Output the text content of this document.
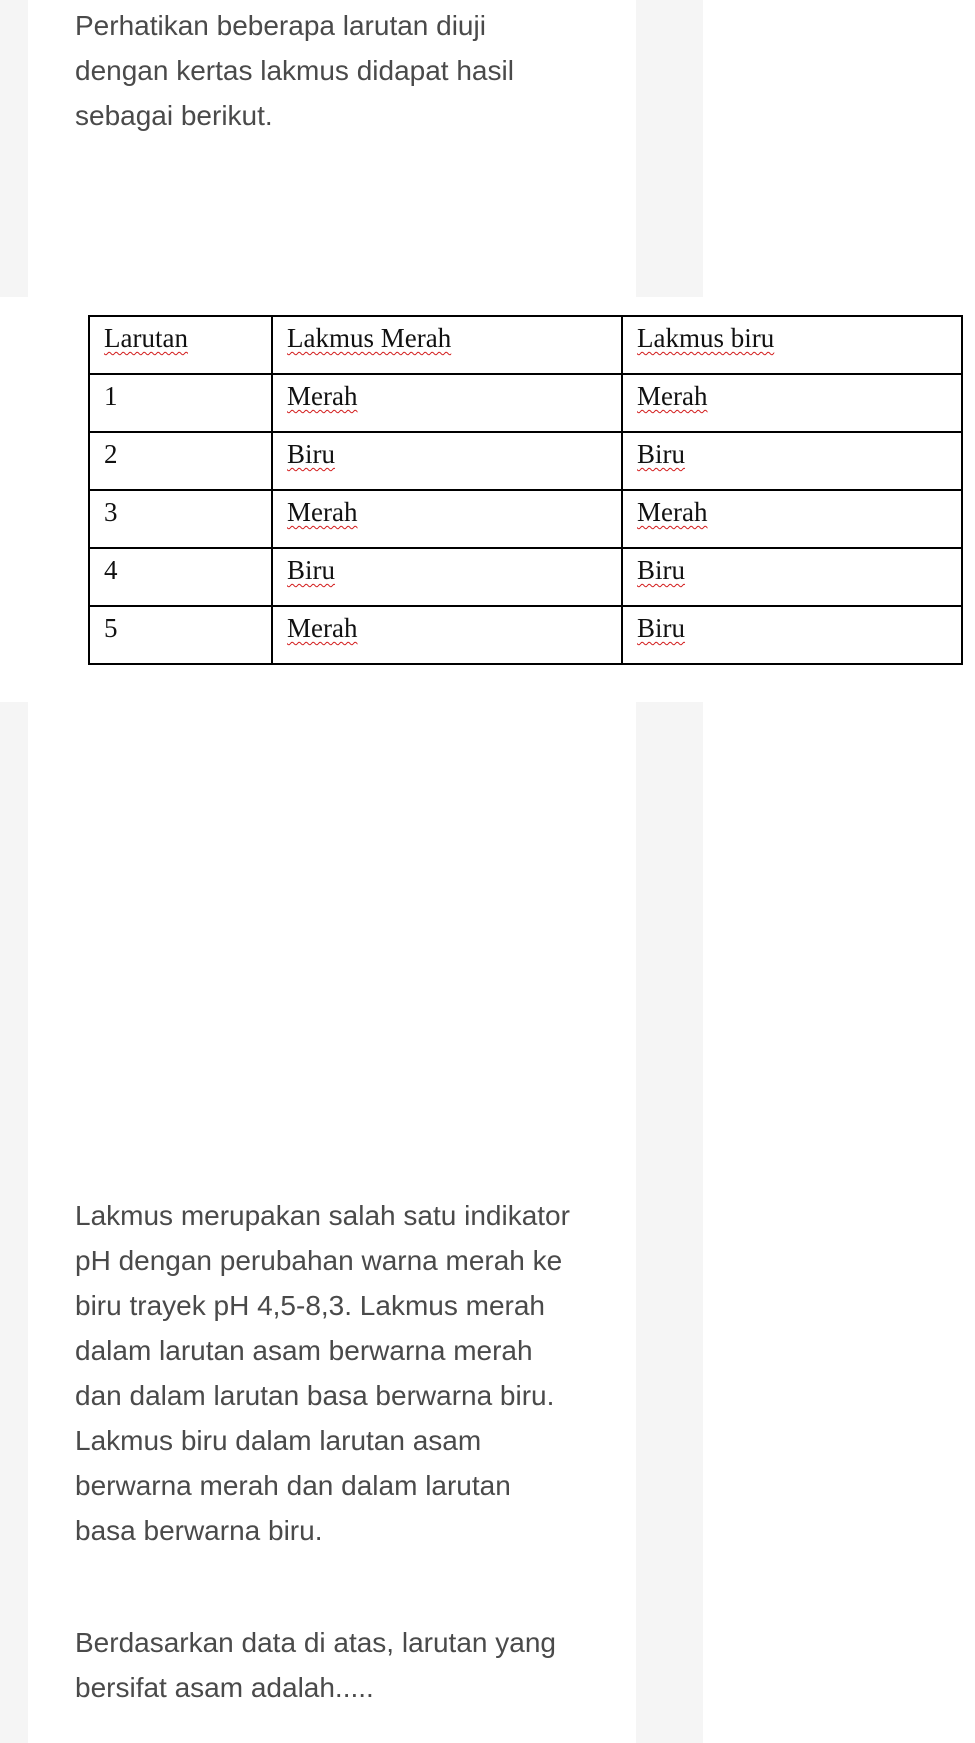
Perhatikan beberapa larutan diuji dengan kertas lakmus didapat hasil sebagai berikut.

Larutan	Lakmus Merah	Lakmus biru
1	Merah	Merah
2	Biru	Biru
3	Merah	Merah
4	Biru	Biru
5	Merah	Biru

Lakmus merupakan salah satu indikator pH dengan perubahan warna merah ke biru trayek pH 4,5-8,3. Lakmus merah dalam larutan asam berwarna merah dan dalam larutan basa berwarna biru. Lakmus biru dalam larutan asam berwarna merah dan dalam larutan basa berwarna biru.

Berdasarkan data di atas, larutan yang bersifat asam adalah.....
